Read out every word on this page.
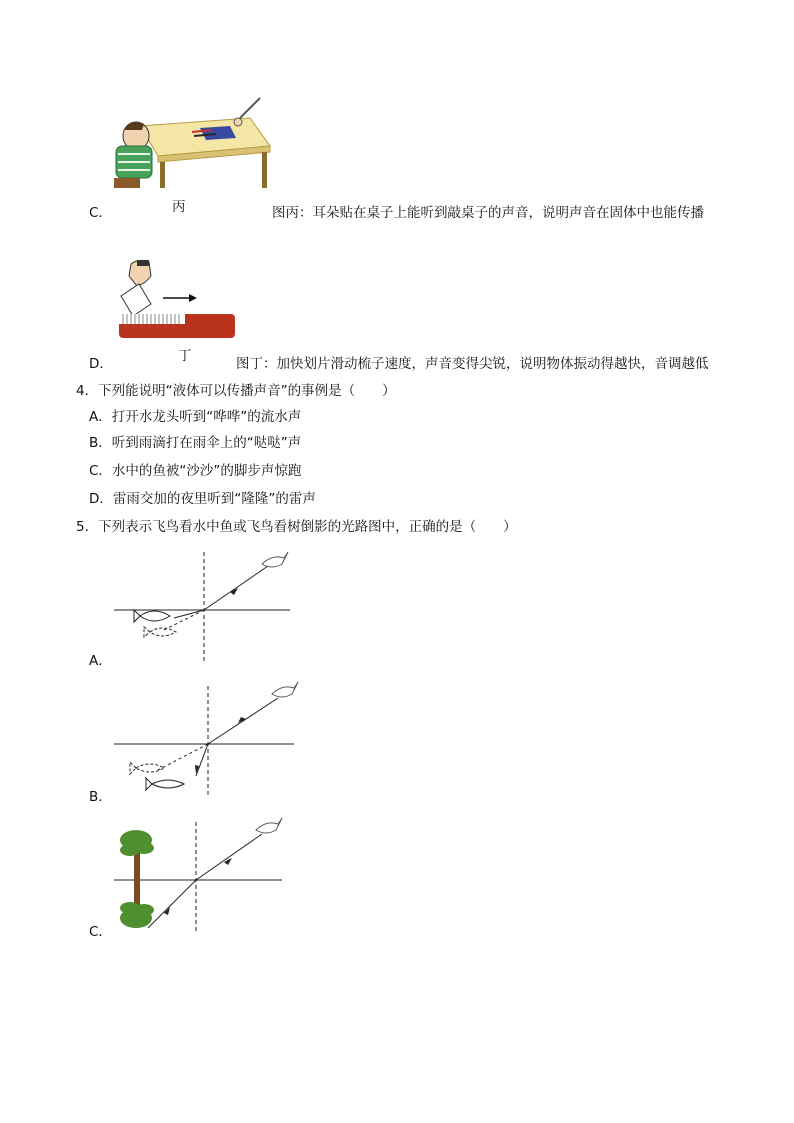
C．	丙	图丙：耳朵贴在桌子上能听到敲桌子的声音，说明声音在固体中也能传播
D．	丁	图丁：加快划片滑动梳子速度，声音变得尖锐，说明物体振动得越快，音调越低
4．下列能说明“液体可以传播声音”的事例是（　　）
A．打开水龙头听到“哗哗”的流水声
B．听到雨滴打在雨伞上的“哒哒”声
C．水中的鱼被“沙沙”的脚步声惊跑
D．雷雨交加的夜里听到“隆隆”的雷声
5．下列表示飞鸟看水中鱼或飞鸟看树倒影的光路图中，正确的是（　　）
A．
B．
C．
